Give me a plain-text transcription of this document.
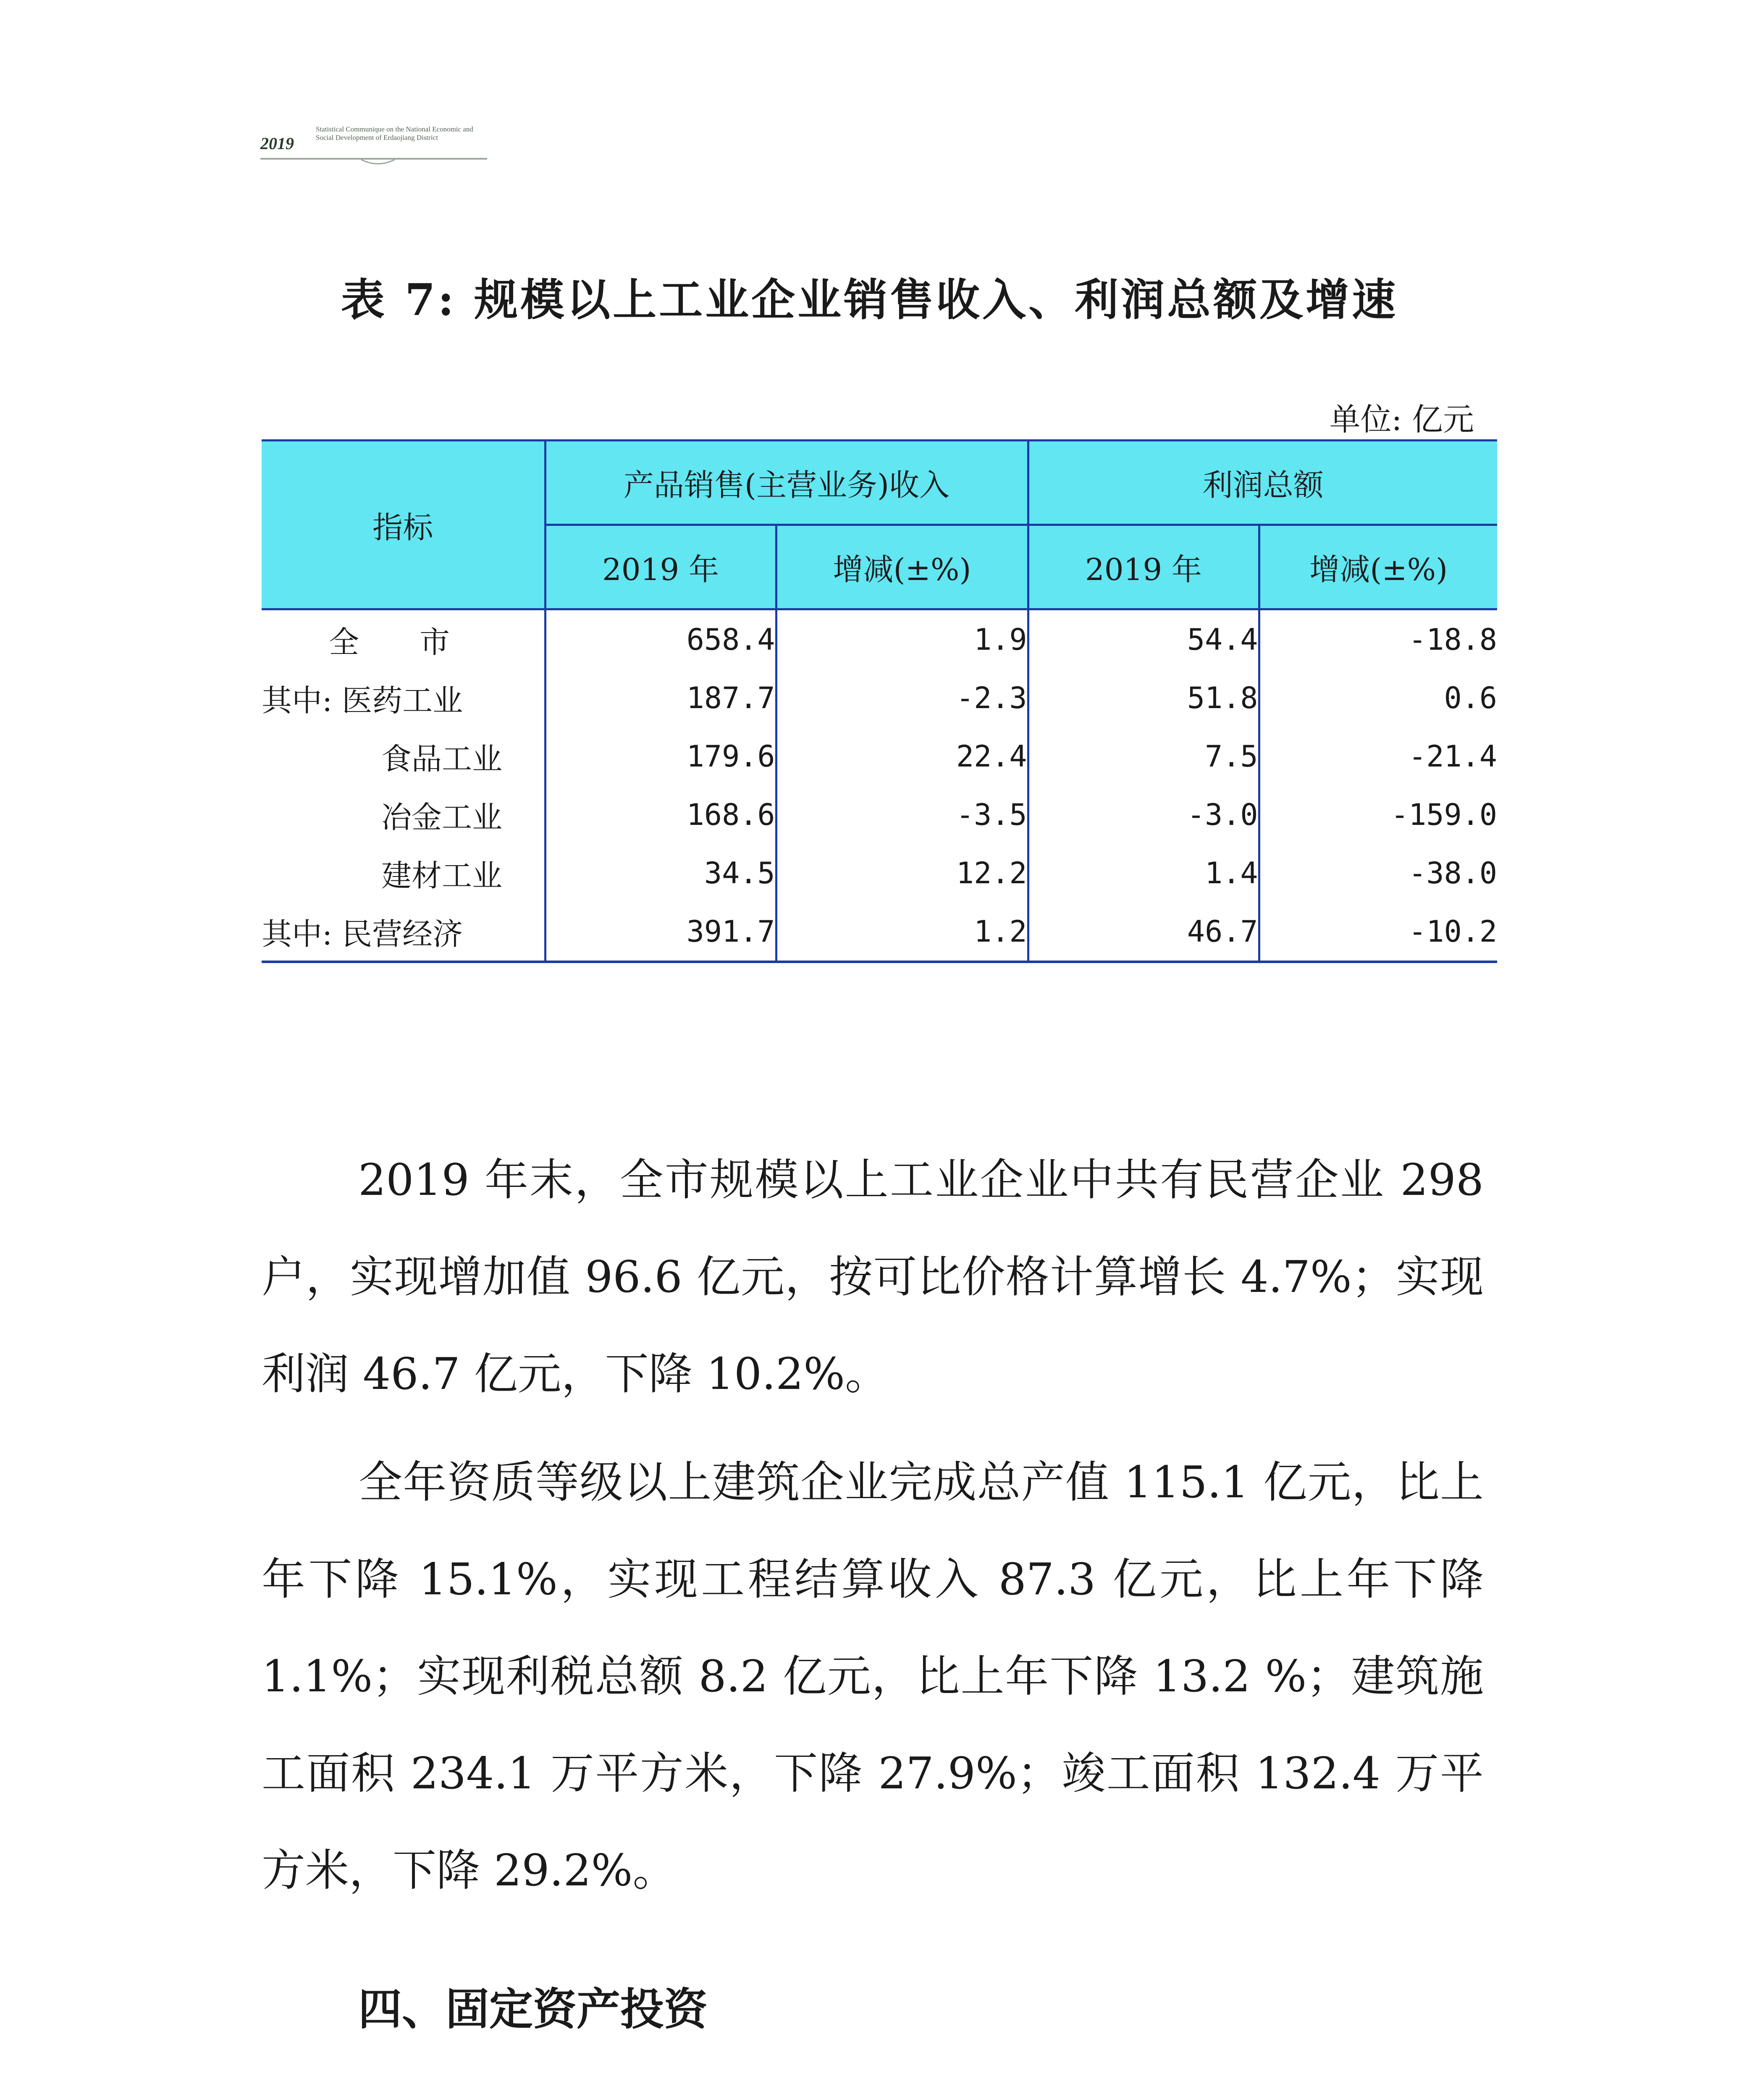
2019
Statistical Communique on the National Economic and Social Development of Erdaojiang District
表 7: 规模以上工业企业销售收入、利润总额及增速
单位: 亿元
指标	产品销售(主营业务)收入		利润总额	
	2019 年	增减(±%)	2019 年	增减(±%)
全　　市	658.4	1.9	54.4	-18.8
其中: 医药工业	187.7	-2.3	51.8	0.6
食品工业	179.6	22.4	7.5	-21.4
冶金工业	168.6	-3.5	-3.0	-159.0
建材工业	34.5	12.2	1.4	-38.0
其中: 民营经济	391.7	1.2	46.7	-10.2

2019 年末，全市规模以上工业企业中共有民营企业 298 户，实现增加值 96.6 亿元，按可比价格计算增长 4.7%；实现利润 46.7 亿元，下降 10.2%。

全年资质等级以上建筑企业完成总产值 115.1 亿元，比上年下降 15.1%，实现工程结算收入 87.3 亿元，比上年下降 1.1%；实现利税总额 8.2 亿元，比上年下降 13.2 %；建筑施工面积 234.1 万平方米，下降 27.9%；竣工面积 132.4 万平方米，下降 29.2%。

四、固定资产投资
